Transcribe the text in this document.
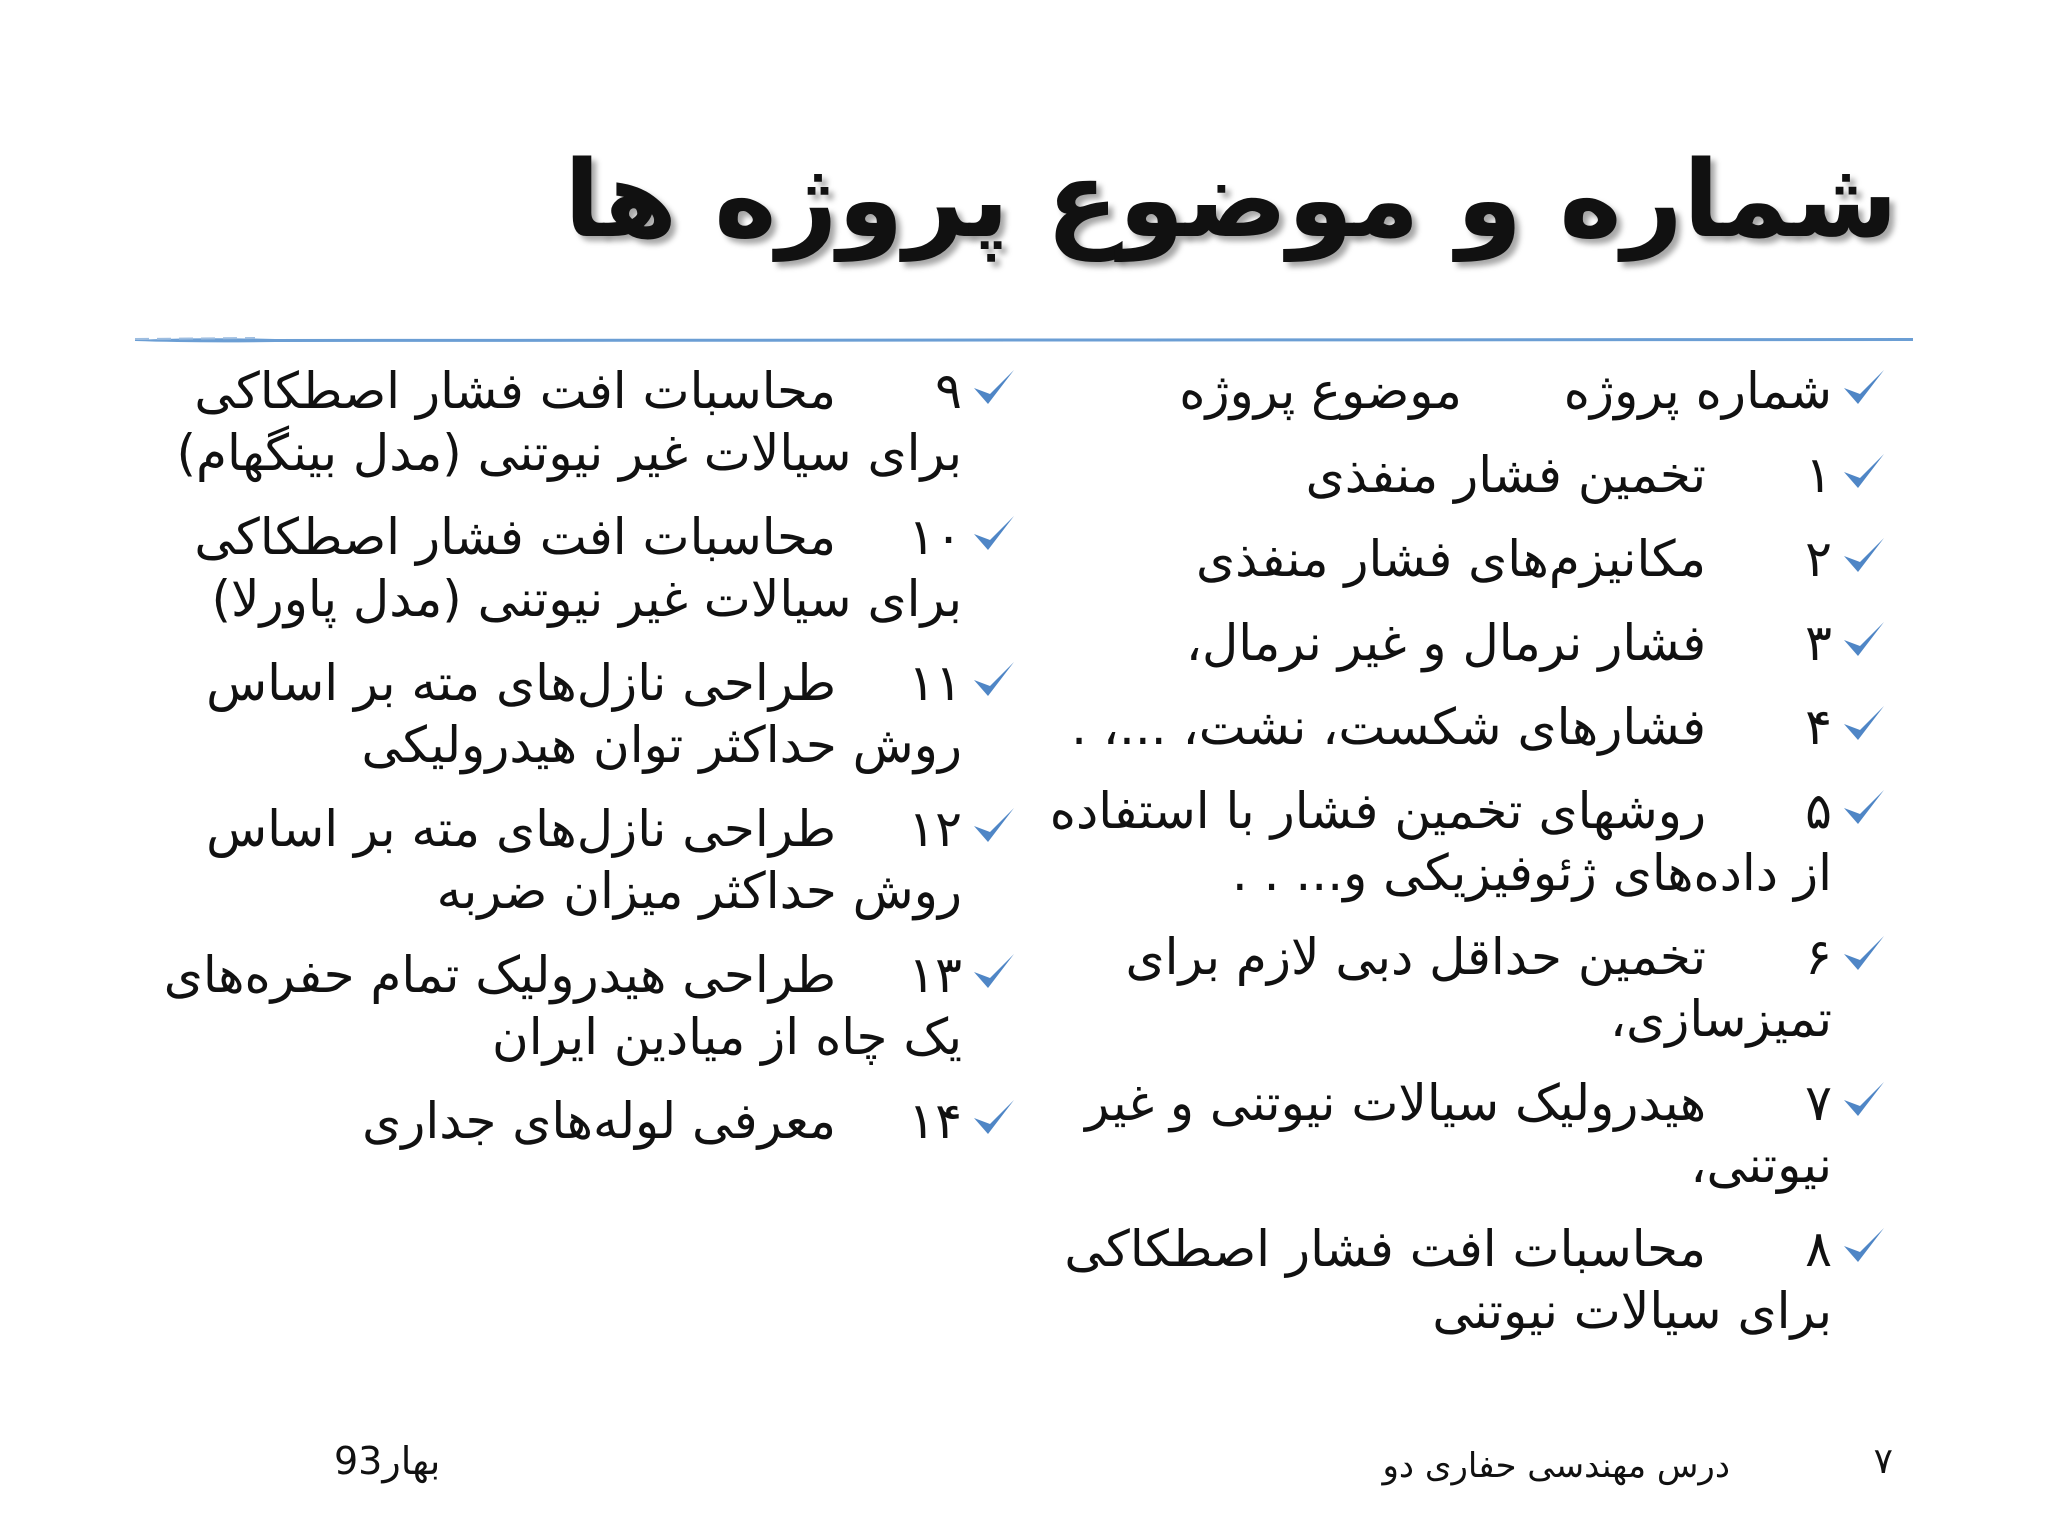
شماره و موضوع پروژه ها
شماره پروژه  موضوع پروژه
۱ تخمین فشار منفذی
۲ مکانیزم‌های فشار منفذی
۳ فشار نرمال و غیر نرمال،
۴ فشارهای شکست، نشت، ...، .
۵ روشهای تخمین فشار با استفاده از داده‌های ژئوفیزیکی و... . .
۶ تخمین حداقل دبی لازم برای تمیزسازی،
۷ هیدرولیک سیالات نیوتنی و غیر نیوتنی،
۸ محاسبات افت فشار اصطکاکی برای سیالات نیوتنی
۹ محاسبات افت فشار اصطکاکی برای سیالات غیر نیوتنی (مدل بینگهام)
۱۰ محاسبات افت فشار اصطکاکی برای سیالات غیر نیوتنی (مدل پاورلا)
۱۱ طراحی نازل‌های مته بر اساس روش حداکثر توان هیدرولیکی
۱۲ طراحی نازل‌های مته بر اساس روش حداکثر میزان ضربه
۱۳ طراحی هیدرولیک تمام حفره‌های یک چاه از میادین ایران
۱۴ معرفی لوله‌های جداری
۷
درس مهندسی حفاری دو
بهار93
